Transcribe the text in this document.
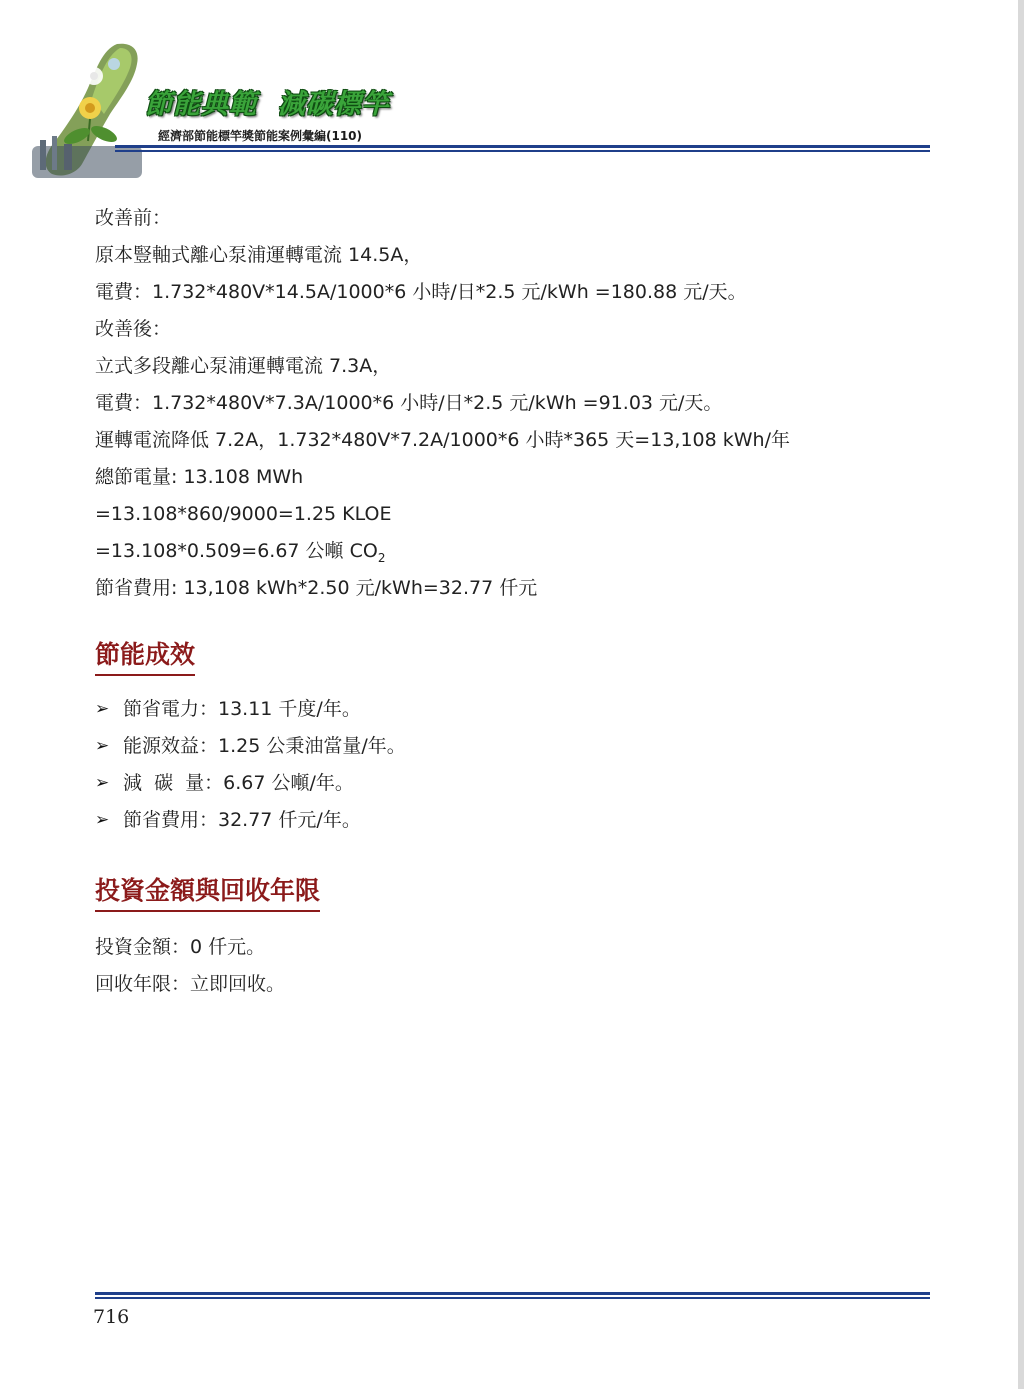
節能典範  減碳標竿
經濟部節能標竿獎節能案例彙編(110)
改善前：
原本豎軸式離心泵浦運轉電流 14.5A，
電費：1.732*480V*14.5A/1000*6 小時/日*2.5 元/kWh =180.88 元/天。
改善後：
立式多段離心泵浦運轉電流 7.3A，
電費：1.732*480V*7.3A/1000*6 小時/日*2.5 元/kWh =91.03 元/天。
運轉電流降低 7.2A，1.732*480V*7.2A/1000*6 小時*365 天=13,108 kWh/年
總節電量: 13.108 MWh
=13.108*860/9000=1.25 KLOE
=13.108*0.509=6.67 公噸 $CO_2$
節省費用: 13,108 kWh*2.50 元/kWh=32.77 仟元
節能成效
➢ 節省電力：13.11 千度/年。
➢ 能源效益：1.25 公秉油當量/年。
➢ 減  碳  量：6.67 公噸/年。
➢ 節省費用：32.77 仟元/年。
投資金額與回收年限
投資金額：0 仟元。
回收年限：立即回收。
716
